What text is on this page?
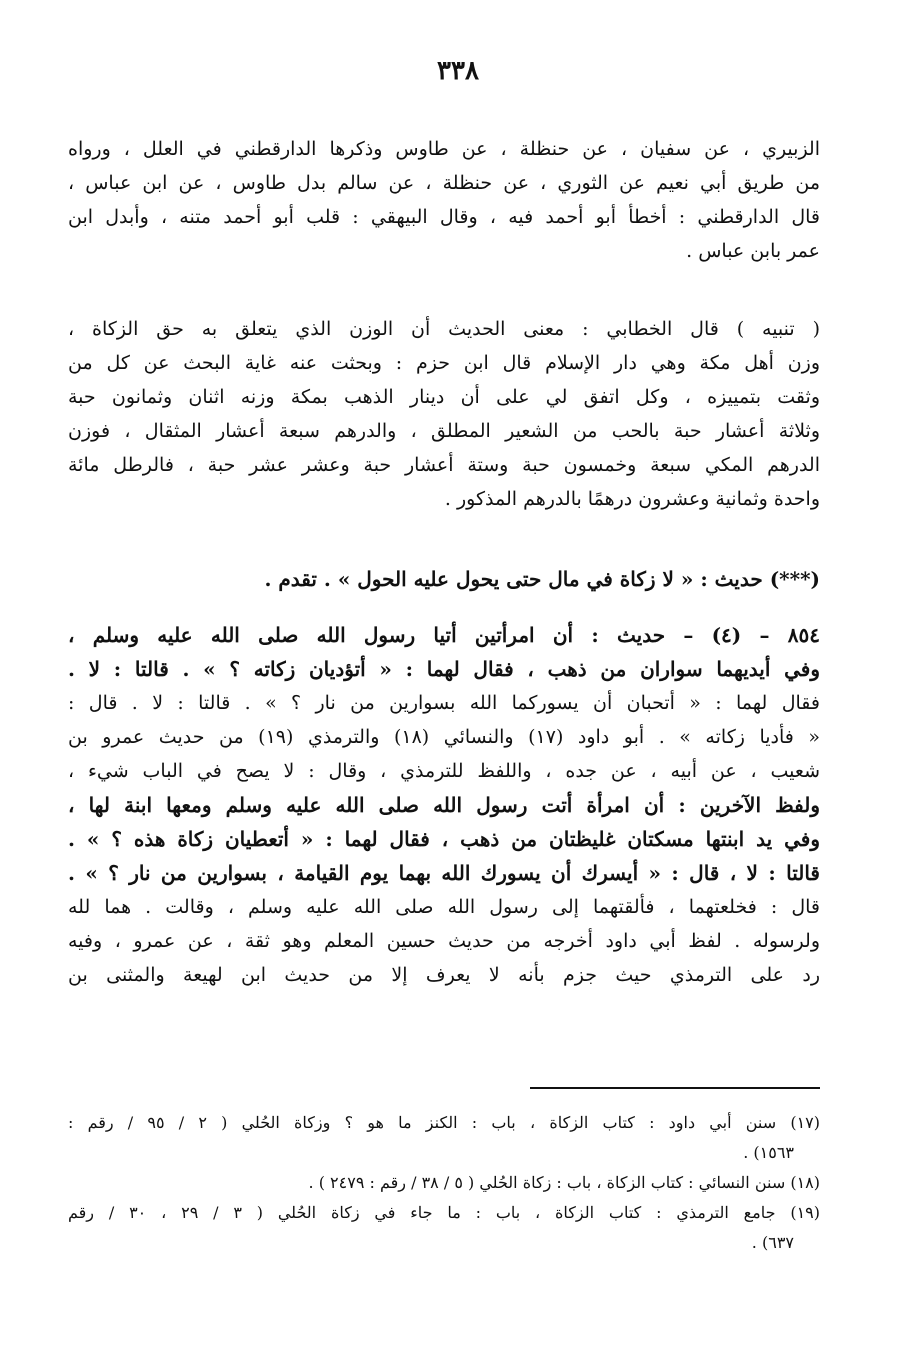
٣٣٨
الزبيري ، عن سفيان ، عن حنظلة ، عن طاوس وذكرها الدارقطني في العلل ، ورواه
من طريق أبي نعيم عن الثوري ، عن حنظلة ، عن سالم بدل طاوس ، عن ابن عباس ،
قال الدارقطني : أخطأ أبو أحمد فيه ، وقال البيهقي : قلب أبو أحمد متنه ، وأبدل ابن
عمر بابن عباس .
( تنبيه ) قال الخطابي : معنى الحديث أن الوزن الذي يتعلق به حق الزكاة ،
وزن أهل مكة وهي دار الإسلام قال ابن حزم : وبحثت عنه غاية البحث عن كل من
وثقت بتمييزه ، وكل اتفق لي على أن دينار الذهب بمكة وزنه اثنان وثمانون حبة
وثلاثة أعشار حبة بالحب من الشعير المطلق ، والدرهم سبعة أعشار المثقال ، فوزن
الدرهم المكي سبعة وخمسون حبة وستة أعشار حبة وعشر عشر حبة ، فالرطل مائة
واحدة وثمانية وعشرون درهمًا بالدرهم المذكور .
(***) حديث : « لا زكاة في مال حتى يحول عليه الحول » . تقدم .
٨٥٤ – (٤) – حديث : أن امرأتين أتيا رسول الله صلى الله عليه وسلم ،
وفي أيديهما سواران من ذهب ، فقال لهما : « أتؤديان زكاته ؟ » . قالتا : لا .
فقال لهما : « أتحبان أن يسوركما الله بسوارين من نار ؟ » . قالتا : لا . قال :
« فأديا زكاته » . أبو داود (١٧) والنسائي (١٨) والترمذي (١٩) من حديث عمرو بن
شعيب ، عن أبيه ، عن جده ، واللفظ للترمذي ، وقال : لا يصح في الباب شيء ،
ولفظ الآخرين : أن امرأة أتت رسول الله صلى الله عليه وسلم ومعها ابنة لها ،
وفي يد ابنتها مسكتان غليظتان من ذهب ، فقال لهما : « أتعطيان زكاة هذه ؟ » .
قالتا : لا ، قال : « أيسرك أن يسورك الله بهما يوم القيامة ، بسوارين من نار ؟ » .
قال : فخلعتهما ، فألقتهما إلى رسول الله صلى الله عليه وسلم ، وقالت . هما لله
ولرسوله . لفظ أبي داود أخرجه من حديث حسين المعلم وهو ثقة ، عن عمرو ، وفيه
رد على الترمذي حيث جزم بأنه لا يعرف إلا من حديث ابن لهيعة والمثنى بن
(١٧) سنن أبي داود : كتاب الزكاة ، باب : الكنز ما هو ؟ وزكاة الحُلي ( ٢ / ٩٥ / رقم :
١٥٦٣) .
(١٨) سنن النسائي : كتاب الزكاة ، باب : زكاة الحُلي ( ٥ / ٣٨ / رقم : ٢٤٧٩ ) .
(١٩) جامع الترمذي : كتاب الزكاة ، باب : ما جاء في زكاة الحُلي ( ٣ / ٢٩ ، ٣٠ / رقم
٦٣٧) .
